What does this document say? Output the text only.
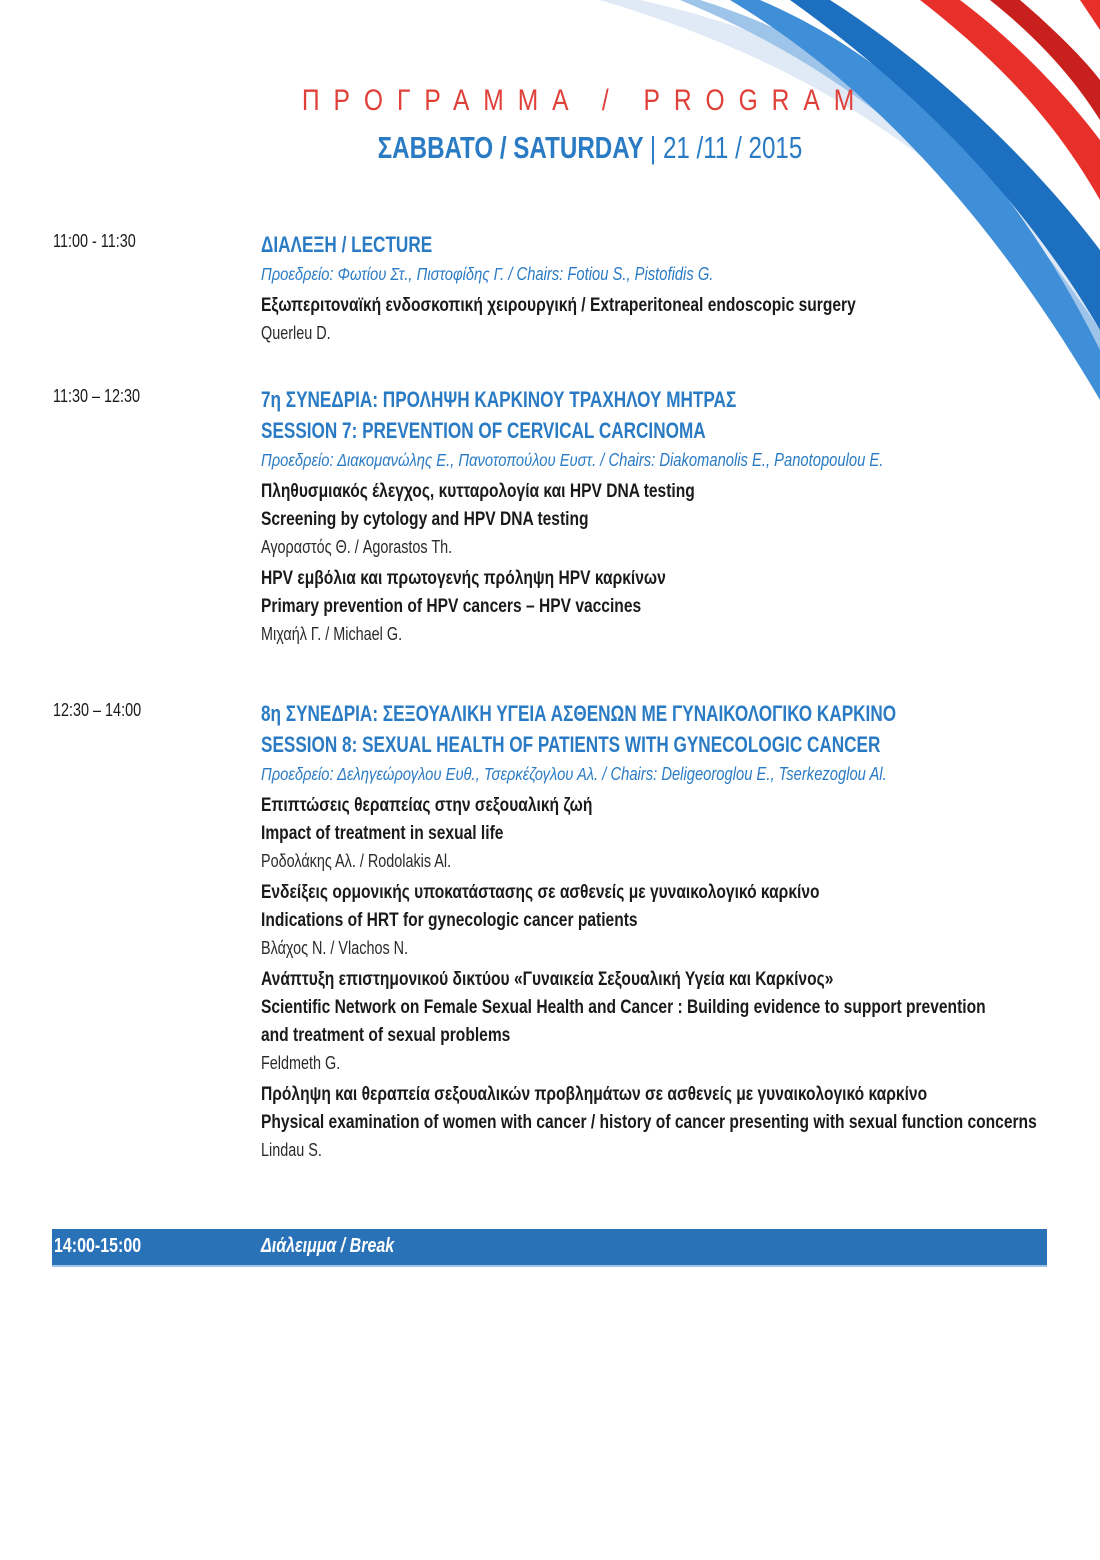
ΠΡΟΓΡΑΜΜΑ / PROGRAM
ΣΑΒΒΑΤΟ / SATURDAY | 21 /11 / 2015
11:00 - 11:30	ΔΙΑΛΕΞΗ / LECTURE
Προεδρείο: Φωτίου Στ., Πιστοφίδης Γ. / Chairs: Fotiou S., Pistofidis G.
Εξωπεριτοναϊκή ενδοσκοπική χειρουργική / Extraperitoneal endoscopic surgery
Querleu D.
11:30 – 12:30	7η ΣΥΝΕΔΡΙΑ: ΠΡΟΛΗΨΗ ΚΑΡΚΙΝΟΥ ΤΡΑΧΗΛΟΥ ΜΗΤΡΑΣ
SESSION 7: PREVENTION OF CERVICAL CARCINOMA
Προεδρείο: Διακομανώλης Ε., Πανοτοπούλου Ευστ. / Chairs: Diakomanolis E., Panotopoulou E.
Πληθυσμιακός έλεγχος, κυτταρολογία και HPV DNA testing
Screening by cytology and HPV DNA testing
Αγοραστός Θ. / Agorastos Th.
HPV εμβόλια και πρωτογενής πρόληψη HPV καρκίνων
Primary prevention of HPV cancers – HPV vaccines
Μιχαήλ Γ. / Michael G.
12:30 – 14:00	8η ΣΥΝΕΔΡΙΑ: ΣΕΞΟΥΑΛΙΚΗ ΥΓΕΙΑ ΑΣΘΕΝΩΝ ΜΕ ΓΥΝΑΙΚΟΛΟΓΙΚΟ ΚΑΡΚΙΝΟ
SESSION 8: SEXUAL HEALTH OF PATIENTS WITH GYNECOLOGIC CANCER
Προεδρείο: Δεληγεώρογλου Ευθ., Τσερκέζογλου Αλ. / Chairs: Deligeoroglou E., Tserkezoglou Al.
Επιπτώσεις θεραπείας στην σεξουαλική ζωή
Impact of treatment in sexual life
Ροδολάκης Αλ. / Rodolakis Al.
Ενδείξεις ορμονικής υποκατάστασης σε ασθενείς με γυναικολογικό καρκίνο
Indications of HRT for gynecologic cancer patients
Βλάχος Ν. / Vlachos N.
Ανάπτυξη επιστημονικού δικτύου «Γυναικεία Σεξουαλική Υγεία και Καρκίνος»
Scientific Network on Female Sexual Health and Cancer : Building evidence to support prevention
and treatment of sexual problems
Feldmeth G.
Πρόληψη και θεραπεία σεξουαλικών προβλημάτων σε ασθενείς με γυναικολογικό καρκίνο
Physical examination of women with cancer / history of cancer presenting with sexual function concerns
Lindau S.
14:00-15:00	Διάλειμμα / Break
